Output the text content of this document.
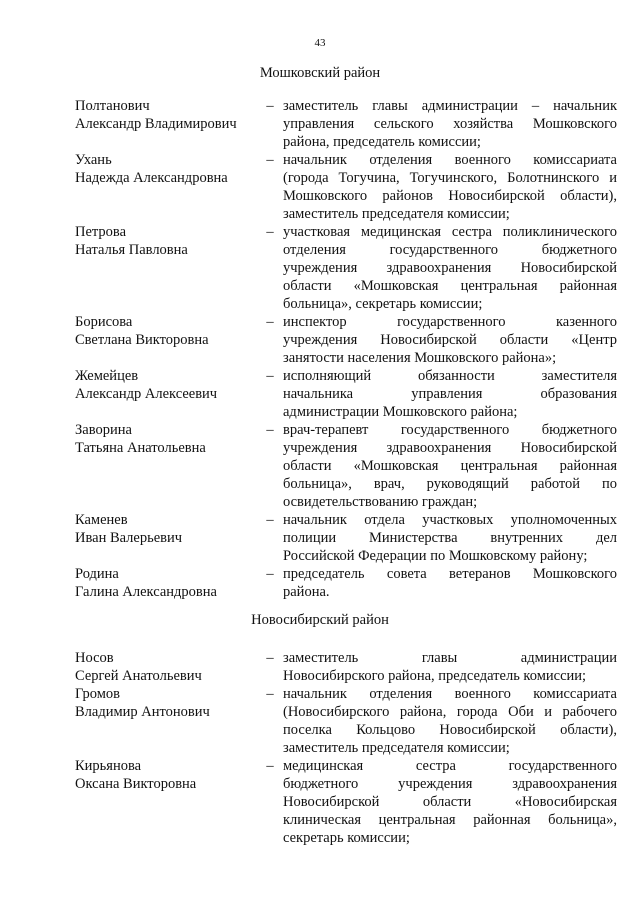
43
Мошковский район
Полтанович
Александр Владимирович
– заместитель главы администрации – начальник
управления сельского хозяйства Мошковского
района, председатель комиссии;
Ухань
Надежда Александровна
– начальник отделения военного комиссариата
(города Тогучина, Тогучинского, Болотнинского и
Мошковского районов Новосибирской области),
заместитель председателя комиссии;
Петрова
Наталья Павловна
– участковая медицинская сестра поликлинического
отделения государственного бюджетного
учреждения здравоохранения Новосибирской
области «Мошковская центральная районная
больница», секретарь комиссии;
Борисова
Светлана Викторовна
– инспектор государственного казенного
учреждения Новосибирской области «Центр
занятости населения Мошковского района»;
Жемейцев
Александр Алексеевич
– исполняющий обязанности заместителя
начальника управления образования
администрации Мошковского района;
Заворина
Татьяна Анатольевна
– врач-терапевт государственного бюджетного
учреждения здравоохранения Новосибирской
области «Мошковская центральная районная
больница», врач, руководящий работой по
освидетельствованию граждан;
Каменев
Иван Валерьевич
– начальник отдела участковых уполномоченных
полиции Министерства внутренних дел
Российской Федерации по Мошковскому району;
Родина
Галина Александровна
– председатель совета ветеранов Мошковского
района.
Новосибирский район
Носов
Сергей Анатольевич
– заместитель главы администрации
Новосибирского района, председатель комиссии;
Громов
Владимир Антонович
– начальник отделения военного комиссариата
(Новосибирского района, города Оби и рабочего
поселка Кольцово Новосибирской области),
заместитель председателя комиссии;
Кирьянова
Оксана Викторовна
– медицинская сестра государственного
бюджетного учреждения здравоохранения
Новосибирской области «Новосибирская
клиническая центральная районная больница»,
секретарь комиссии;
